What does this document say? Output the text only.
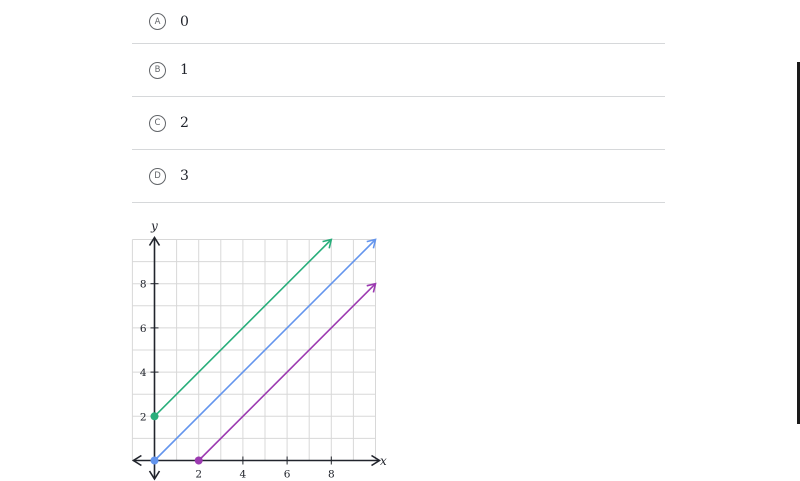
A	0
B	1
C	2
D	3
2	4	6	8
2
4
6
8
x
y
